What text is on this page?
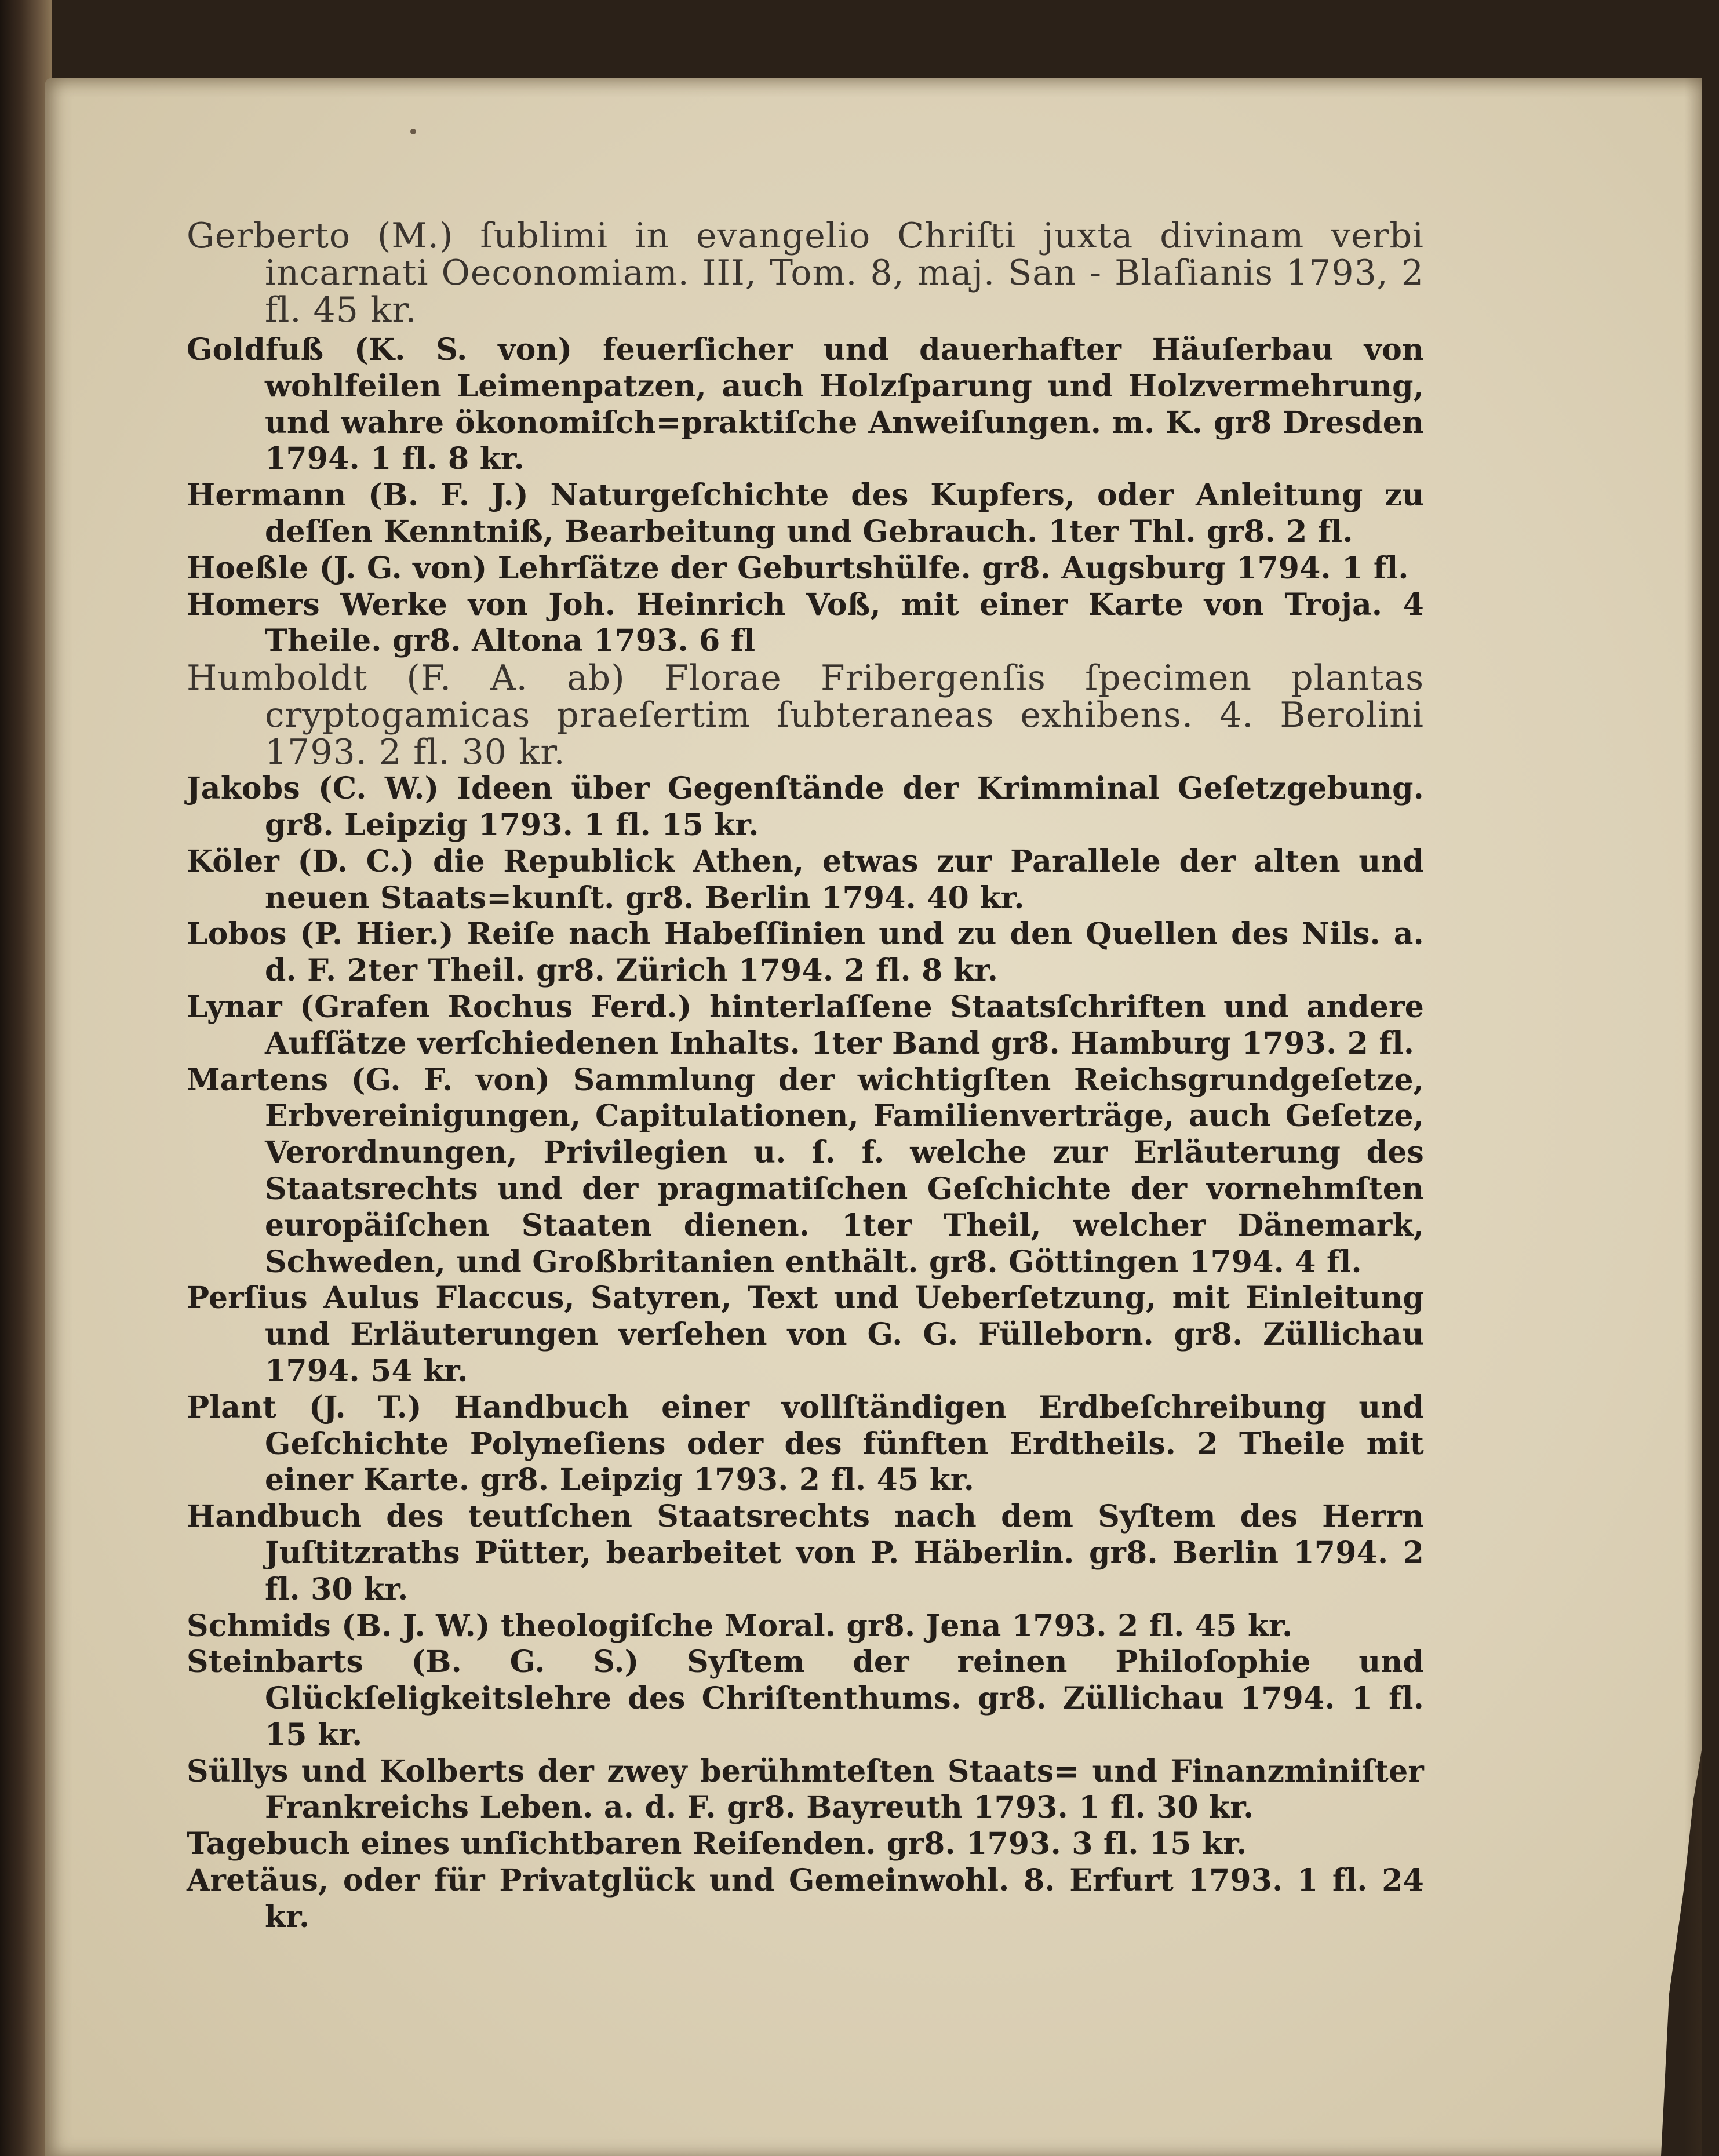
Gerberto (M.) ſublimi in evangelio Chriſti juxta divinam verbi incarnati Oeconomiam. III, Tom. 8, maj. San - Blaſianis 1793, 2 fl. 45 kr.

Goldfuß (K. S. von) feuerſicher und dauerhafter Häuſerbau von wohlfeilen Leimenpatzen, auch Holzſparung und Holzvermehrung, und wahre ökonomiſch=praktiſche Anweiſungen. m. K. gr8 Dresden 1794. 1 fl. 8 kr.

Hermann (B. F. J.) Naturgeſchichte des Kupfers, oder Anleitung zu deſſen Kenntniß, Bearbeitung und Gebrauch. 1ter Thl. gr8. 2 fl.

Hoeßle (J. G. von) Lehrſätze der Geburtshülfe. gr8. Augsburg 1794. 1 fl.

Homers Werke von Joh. Heinrich Voß, mit einer Karte von Troja. 4 Theile. gr8. Altona 1793. 6 fl

Humboldt (F. A. ab) Florae Fribergenſis ſpecimen plantas cryptogamicas praeſertim ſubteraneas exhibens. 4. Berolini 1793. 2 fl. 30 kr.

Jakobs (C. W.) Ideen über Gegenſtände der Krimminal Geſetzgebung. gr8. Leipzig 1793. 1 fl. 15 kr.

Köler (D. C.) die Republick Athen, etwas zur Parallele der alten und neuen Staats=kunſt. gr8. Berlin 1794. 40 kr.

Lobos (P. Hier.) Reiſe nach Habeſſinien und zu den Quellen des Nils. a. d. F. 2ter Theil. gr8. Zürich 1794. 2 fl. 8 kr.

Lynar (Grafen Rochus Ferd.) hinterlaſſene Staatsſchriften und andere Aufſätze verſchiedenen Inhalts. 1ter Band gr8. Hamburg 1793. 2 fl.

Martens (G. F. von) Sammlung der wichtigſten Reichsgrundgeſetze, Erbvereinigungen, Capitulationen, Familienverträge, auch Geſetze, Verordnungen, Privilegien u. ſ. f. welche zur Erläuterung des Staatsrechts und der pragmatiſchen Geſchichte der vornehmſten europäiſchen Staaten dienen. 1ter Theil, welcher Dänemark, Schweden, und Großbritanien enthält. gr8. Göttingen 1794. 4 fl.

Perſius Aulus Flaccus, Satyren, Text und Ueberſetzung, mit Einleitung und Erläuterungen verſehen von G. G. Fülleborn. gr8. Züllichau 1794. 54 kr.

Plant (J. T.) Handbuch einer vollſtändigen Erdbeſchreibung und Geſchichte Polyneſiens oder des fünften Erdtheils. 2 Theile mit einer Karte. gr8. Leipzig 1793. 2 fl. 45 kr.

Handbuch des teutſchen Staatsrechts nach dem Syſtem des Herrn Juſtitzraths Pütter, bearbeitet von P. Häberlin. gr8. Berlin 1794. 2 fl. 30 kr.

Schmids (B. J. W.) theologiſche Moral. gr8. Jena 1793. 2 fl. 45 kr.

Steinbarts (B. G. S.) Syſtem der reinen Philoſophie und Glückſeligkeitslehre des Chriſtenthums. gr8. Züllichau 1794. 1 fl. 15 kr.

Süllys und Kolberts der zwey berühmteſten Staats= und Finanzminiſter Frankreichs Leben. a. d. F. gr8. Bayreuth 1793. 1 fl. 30 kr.

Tagebuch eines unſichtbaren Reiſenden. gr8. 1793. 3 fl. 15 kr.

Aretäus, oder für Privatglück und Gemeinwohl. 8. Erfurt 1793. 1 fl. 24 kr.
